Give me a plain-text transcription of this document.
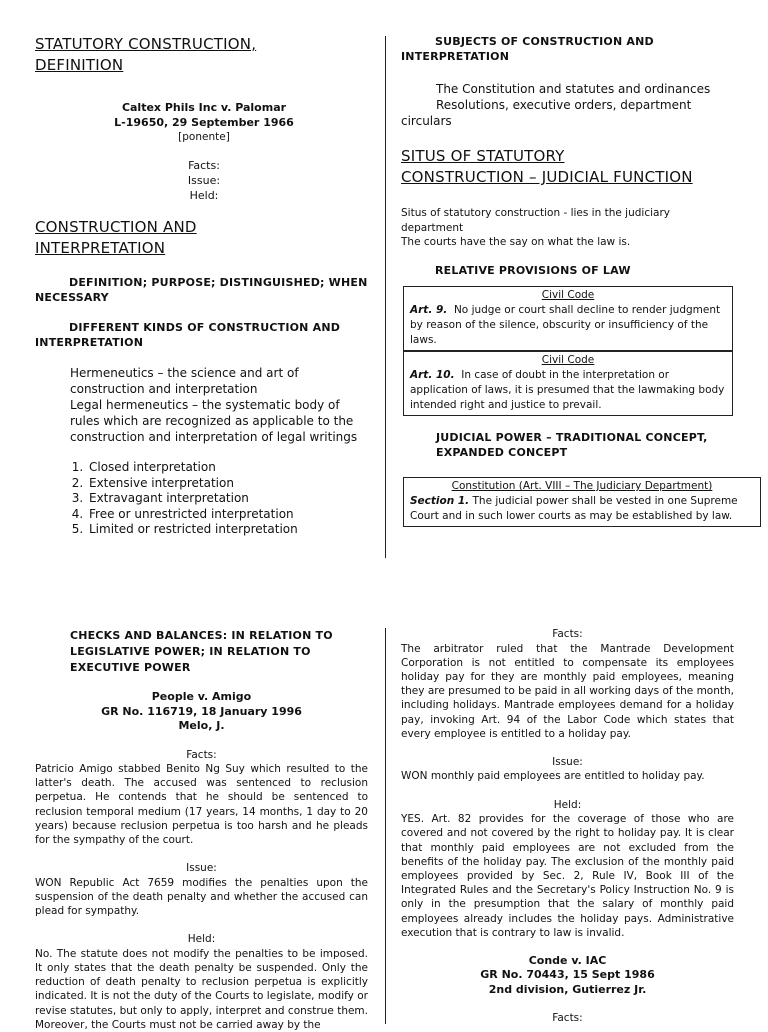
STATUTORY CONSTRUCTION,
DEFINITION
Caltex Phils Inc v. Palomar
L-19650, 29 September 1966
[ponente]
Facts:
Issue:
Held:
CONSTRUCTION AND
INTERPRETATION
DEFINITION; PURPOSE; DISTINGUISHED; WHEN NECESSARY
DIFFERENT KINDS OF CONSTRUCTION AND INTERPRETATION
Hermeneutics – the science and art of construction and interpretation
Legal hermeneutics – the systematic body of rules which are recognized as applicable to the construction and interpretation of legal writings
1. Closed interpretation
2. Extensive interpretation
3. Extravagant interpretation
4. Free or unrestricted interpretation
5. Limited or restricted interpretation
SUBJECTS OF CONSTRUCTION AND INTERPRETATION
The Constitution and statutes and ordinances
Resolutions, executive orders, department circulars
SITUS OF STATUTORY
CONSTRUCTION – JUDICIAL FUNCTION
Situs of statutory construction - lies in the judiciary department
The courts have the say on what the law is.
RELATIVE PROVISIONS OF LAW
Civil Code
Art. 9. No judge or court shall decline to render judgment by reason of the silence, obscurity or insufficiency of the laws.
Civil Code
Art. 10. In case of doubt in the interpretation or application of laws, it is presumed that the lawmaking body intended right and justice to prevail.
JUDICIAL POWER – TRADITIONAL CONCEPT, EXPANDED CONCEPT
Constitution (Art. VIII – The Judiciary Department)
Section 1. The judicial power shall be vested in one Supreme Court and in such lower courts as may be established by law.
CHECKS AND BALANCES: IN RELATION TO LEGISLATIVE POWER; IN RELATION TO EXECUTIVE POWER
People v. Amigo
GR No. 116719, 18 January 1996
Melo, J.
Facts:
Patricio Amigo stabbed Benito Ng Suy which resulted to the latter's death. The accused was sentenced to reclusion perpetua. He contends that he should be sentenced to reclusion temporal medium (17 years, 14 months, 1 day to 20 years) because reclusion perpetua is too harsh and he pleads for the sympathy of the court.
Issue:
WON Republic Act 7659 modifies the penalties upon the suspension of the death penalty and whether the accused can plead for sympathy.
Held:
No. The statute does not modify the penalties to be imposed. It only states that the death penalty be suspended. Only the reduction of death penalty to reclusion perpetua is explicitly indicated. It is not the duty of the Courts to legislate, modify or revise statutes, but only to apply, interpret and construe them. Moreover, the Courts must not be carried away by the
Facts:
The arbitrator ruled that the Mantrade Development Corporation is not entitled to compensate its employees holiday pay for they are monthly paid employees, meaning they are presumed to be paid in all working days of the month, including holidays. Mantrade employees demand for a holiday pay, invoking Art. 94 of the Labor Code which states that every employee is entitled to a holiday pay.
Issue:
WON monthly paid employees are entitled to holiday pay.
Held:
YES. Art. 82 provides for the coverage of those who are covered and not covered by the right to holiday pay. It is clear that monthly paid employees are not excluded from the benefits of the holiday pay. The exclusion of the monthly paid employees provided by Sec. 2, Rule IV, Book III of the Integrated Rules and the Secretary's Policy Instruction No. 9 is only in the presumption that the salary of monthly paid employees already includes the holiday pays. Administrative execution that is contrary to law is invalid.
Conde v. IAC
GR No. 70443, 15 Sept 1986
2nd division, Gutierrez Jr.
Facts:
